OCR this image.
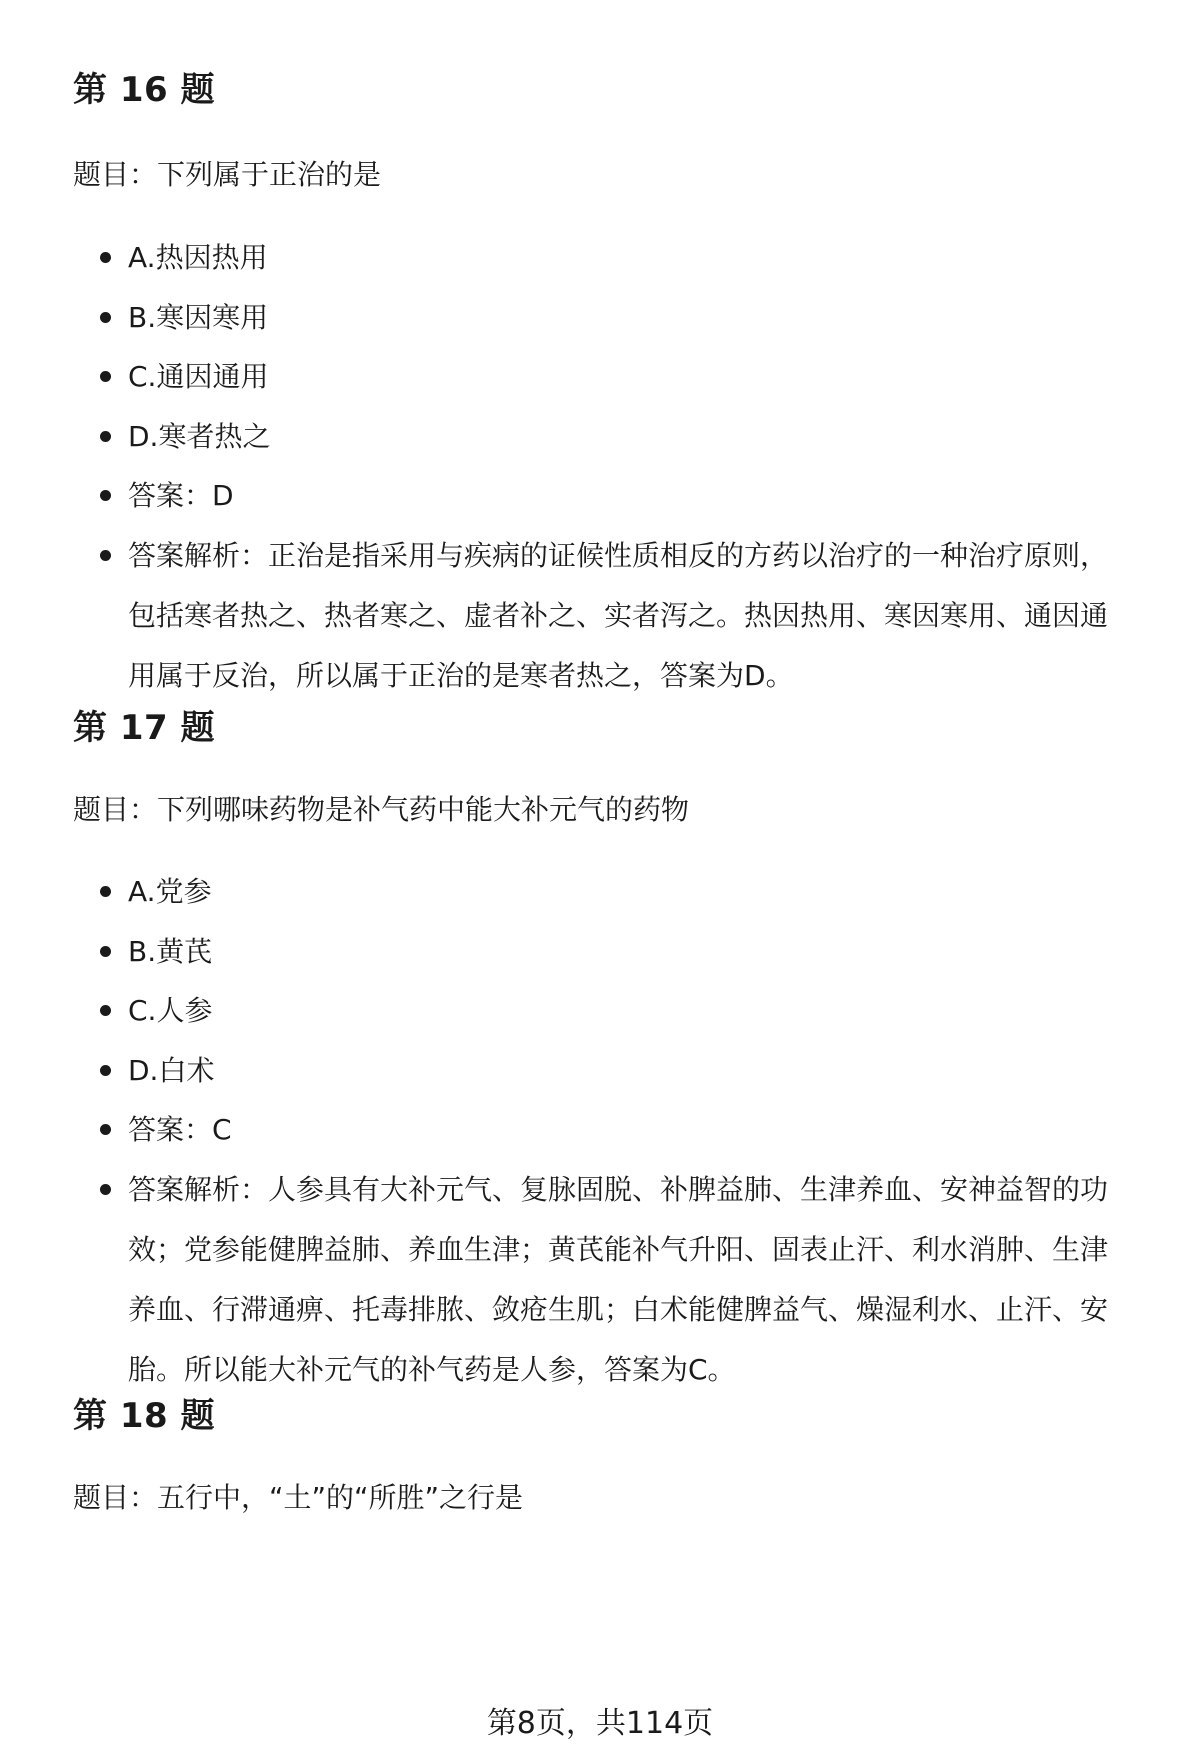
第 16 题

题目：下列属于正治的是

A.热因热用
B.寒因寒用
C.通因通用
D.寒者热之
答案：D
答案解析：正治是指采用与疾病的证候性质相反的方药以治疗的一种治疗原则，包括寒者热之、热者寒之、虚者补之、实者泻之。热因热用、寒因寒用、通因通用属于反治，所以属于正治的是寒者热之，答案为D。
第 17 题

题目：下列哪味药物是补气药中能大补元气的药物

A.党参
B.黄芪
C.人参
D.白术
答案：C
答案解析：人参具有大补元气、复脉固脱、补脾益肺、生津养血、安神益智的功效；党参能健脾益肺、养血生津；黄芪能补气升阳、固表止汗、利水消肿、生津养血、行滞通痹、托毒排脓、敛疮生肌；白术能健脾益气、燥湿利水、止汗、安胎。所以能大补元气的补气药是人参，答案为C。
第 18 题

题目：五行中，“土”的“所胜”之行是

第8页，共114页
